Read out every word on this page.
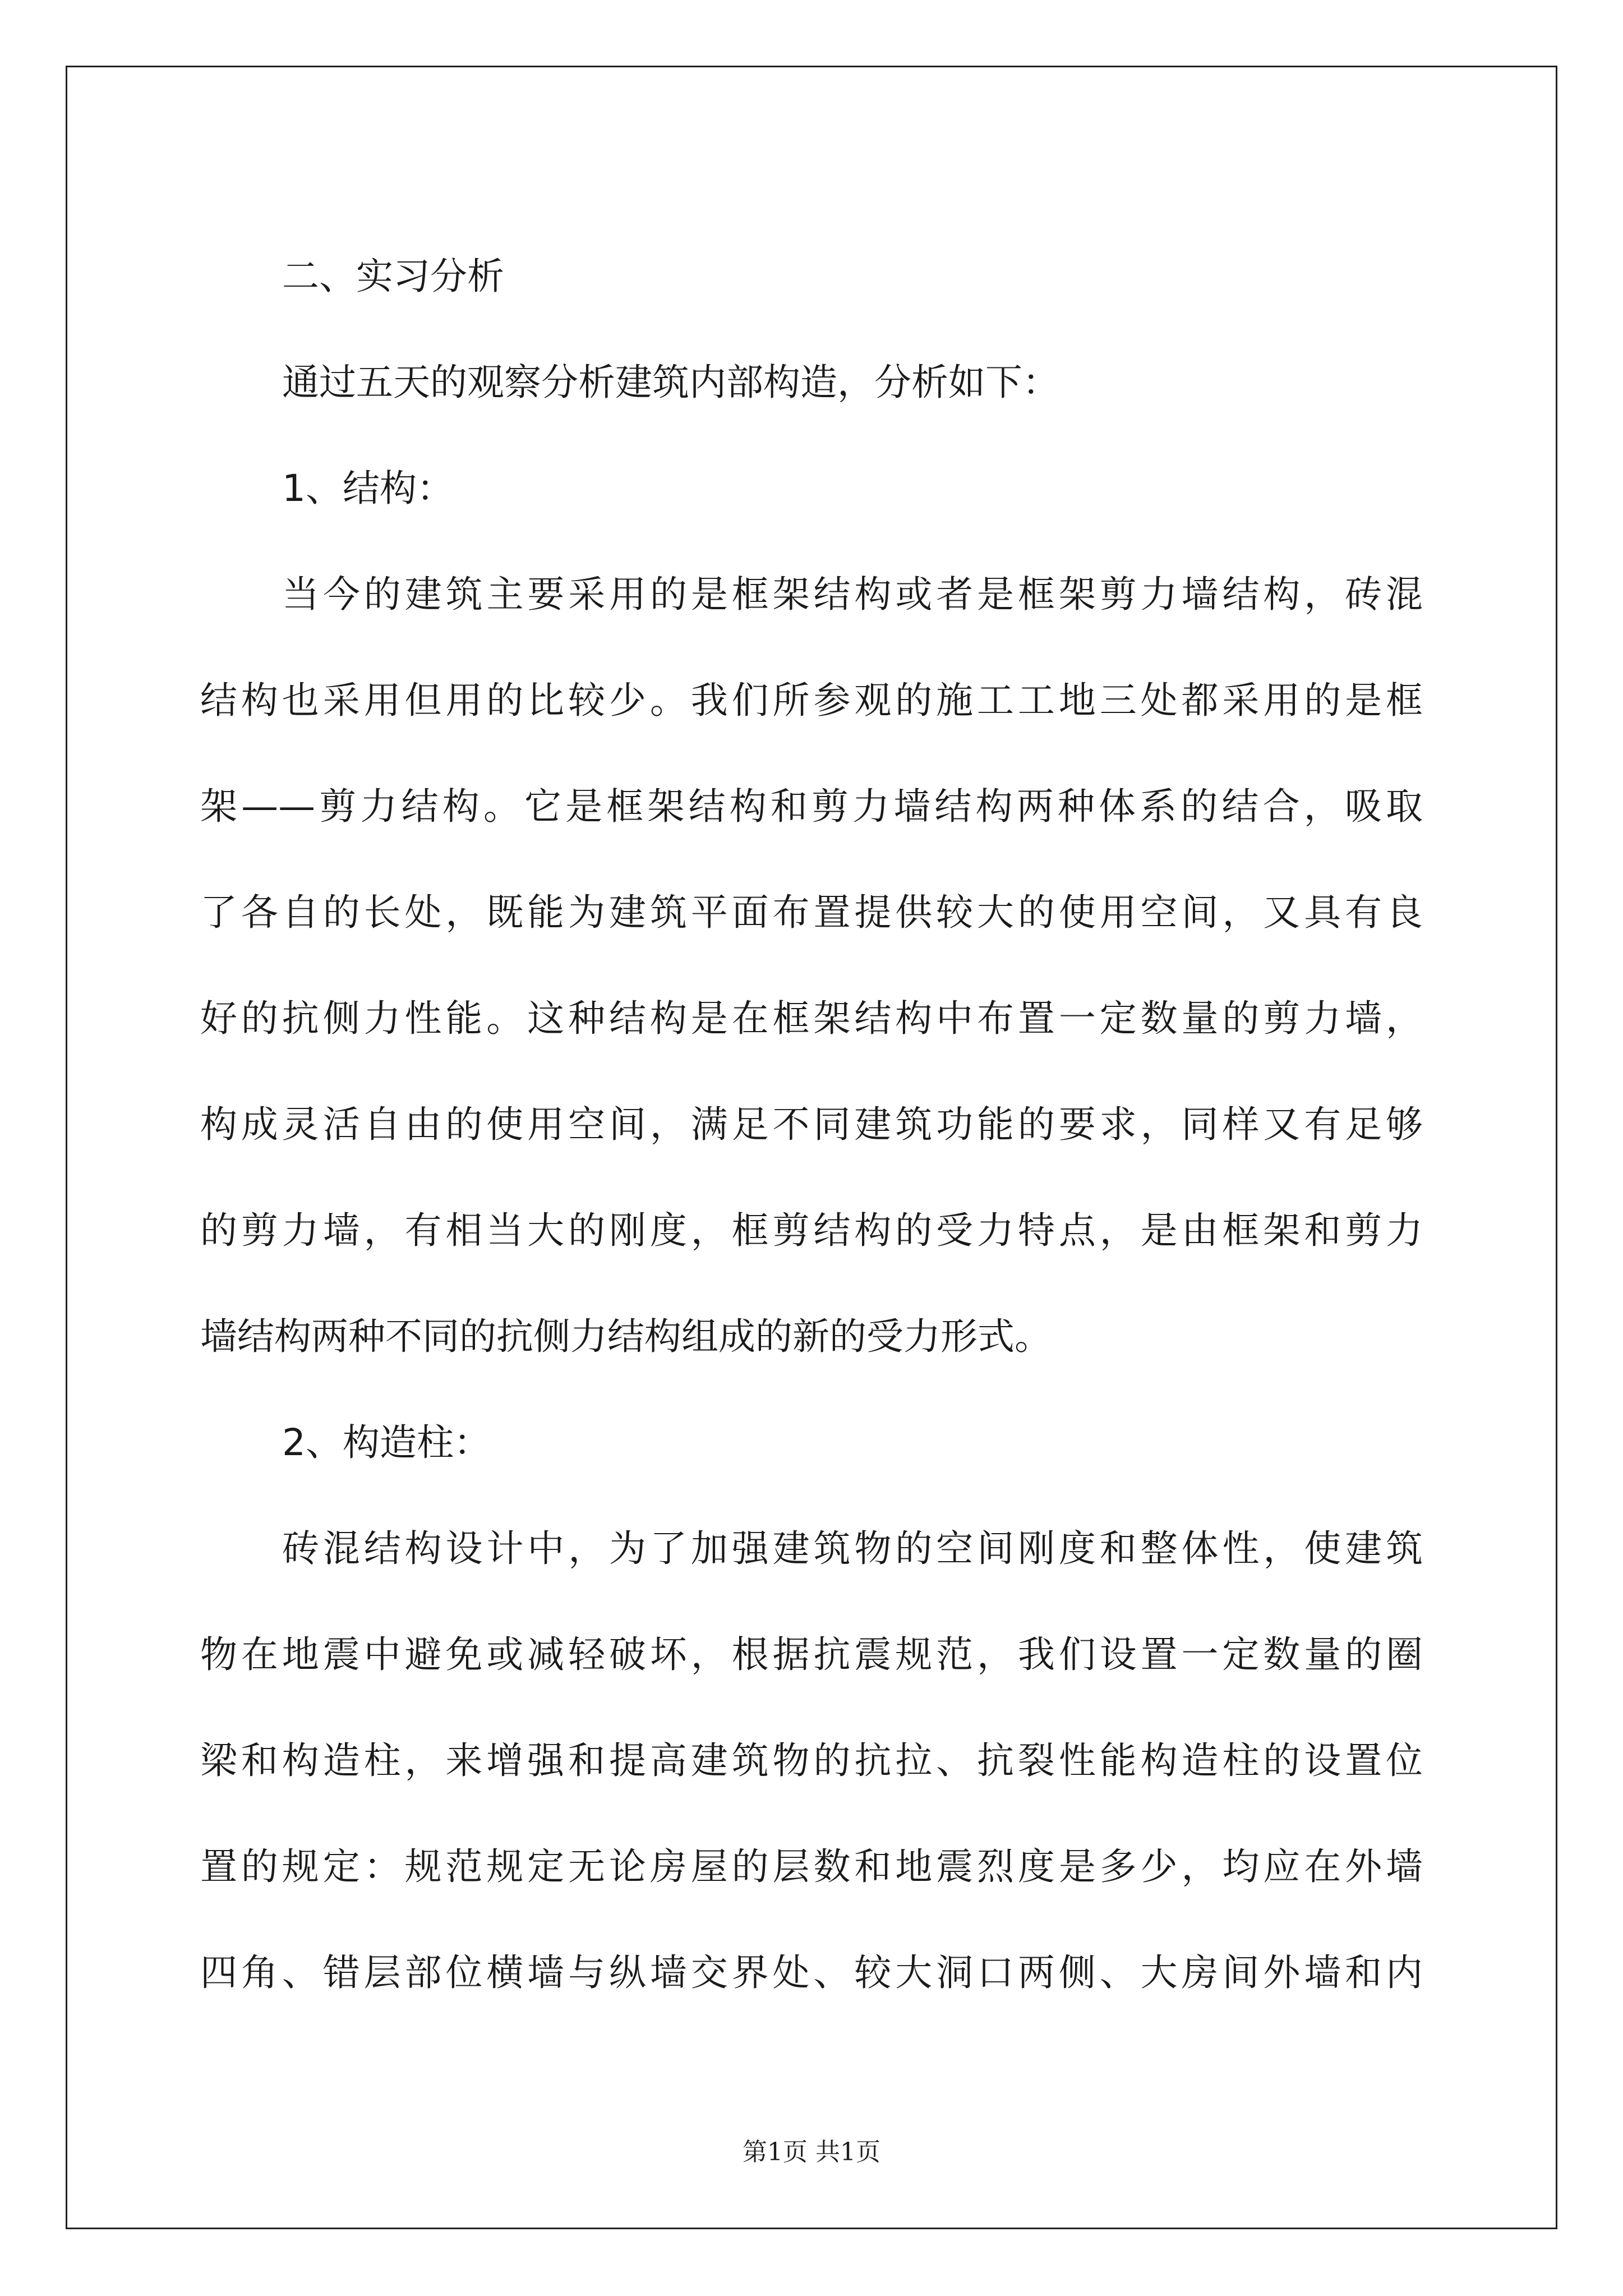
二、实习分析
通过五天的观察分析建筑内部构造，分析如下：
1、结构：
当今的建筑主要采用的是框架结构或者是框架剪力墙结构，砖混
结构也采用但用的比较少。我们所参观的施工工地三处都采用的是框
架——剪力结构。它是框架结构和剪力墙结构两种体系的结合，吸取
了各自的长处，既能为建筑平面布置提供较大的使用空间，又具有良
好的抗侧力性能。这种结构是在框架结构中布置一定数量的剪力墙，
构成灵活自由的使用空间，满足不同建筑功能的要求，同样又有足够
的剪力墙，有相当大的刚度，框剪结构的受力特点，是由框架和剪力
墙结构两种不同的抗侧力结构组成的新的受力形式。
2、构造柱：
砖混结构设计中，为了加强建筑物的空间刚度和整体性，使建筑
物在地震中避免或减轻破坏，根据抗震规范，我们设置一定数量的圈
梁和构造柱，来增强和提高建筑物的抗拉、抗裂性能构造柱的设置位
置的规定：规范规定无论房屋的层数和地震烈度是多少，均应在外墙
四角、错层部位横墙与纵墙交界处、较大洞口两侧、大房间外墙和内
第1页 共1页
